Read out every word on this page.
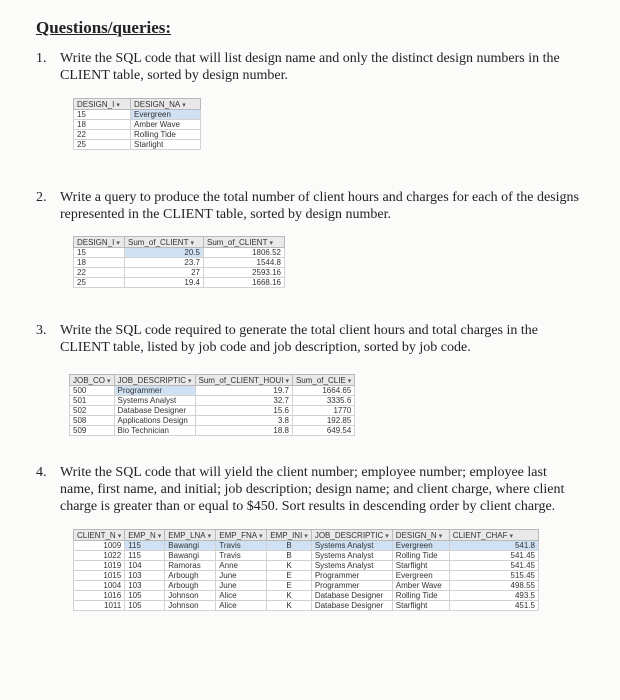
Questions/queries:
1. Write the SQL code that will list design name and only the distinct design numbers in the CLIENT table, sorted by design number.
DESIGN_I ▾	DESIGN_NA ▾
15	Evergreen
18	Amber Wave
22	Rolling Tide
25	Starlight
2. Write a query to produce the total number of client hours and charges for each of the designs represented in the CLIENT table, sorted by design number.
DESIGN_I ▾	Sum_of_CLIENT ▾	Sum_of_CLIENT ▾
15	20.5	1806.52
18	23.7	1544.8
22	27	2593.16
25	19.4	1668.16
3. Write the SQL code required to generate the total client hours and total charges in the CLIENT table, listed by job code and job description, sorted by job code.
JOB_CO ▾	JOB_DESCRIPTIC ▾	Sum_of_CLIENT_HOUI ▾	Sum_of_CLIE ▾
500	Programmer	19.7	1664.65
501	Systems Analyst	32.7	3335.6
502	Database Designer	15.6	1770
508	Applications Design	3.8	192.85
509	Bio Technician	18.8	649.54
4. Write the SQL code that will yield the client number; employee number; employee last name, first name, and initial; job description; design name; and client charge, where client charge is greater than or equal to $450. Sort results in descending order by client charge.
CLIENT_N ▾	EMP_N ▾	EMP_LNA ▾	EMP_FNA ▾	EMP_INI ▾	JOB_DESCRIPTIC ▾	DESIGN_N ▾	CLIENT_CHAF ▾
1009	115	Bawangi	Travis	B	Systems Analyst	Evergreen	541.8
1022	115	Bawangi	Travis	B	Systems Analyst	Rolling Tide	541.45
1019	104	Ramoras	Anne	K	Systems Analyst	Starflight	541.45
1015	103	Arbough	June	E	Programmer	Evergreen	515.45
1004	103	Arbough	June	E	Programmer	Amber Wave	498.55
1016	105	Johnson	Alice	K	Database Designer	Rolling Tide	493.5
1011	105	Johnson	Alice	K	Database Designer	Starflight	451.5
